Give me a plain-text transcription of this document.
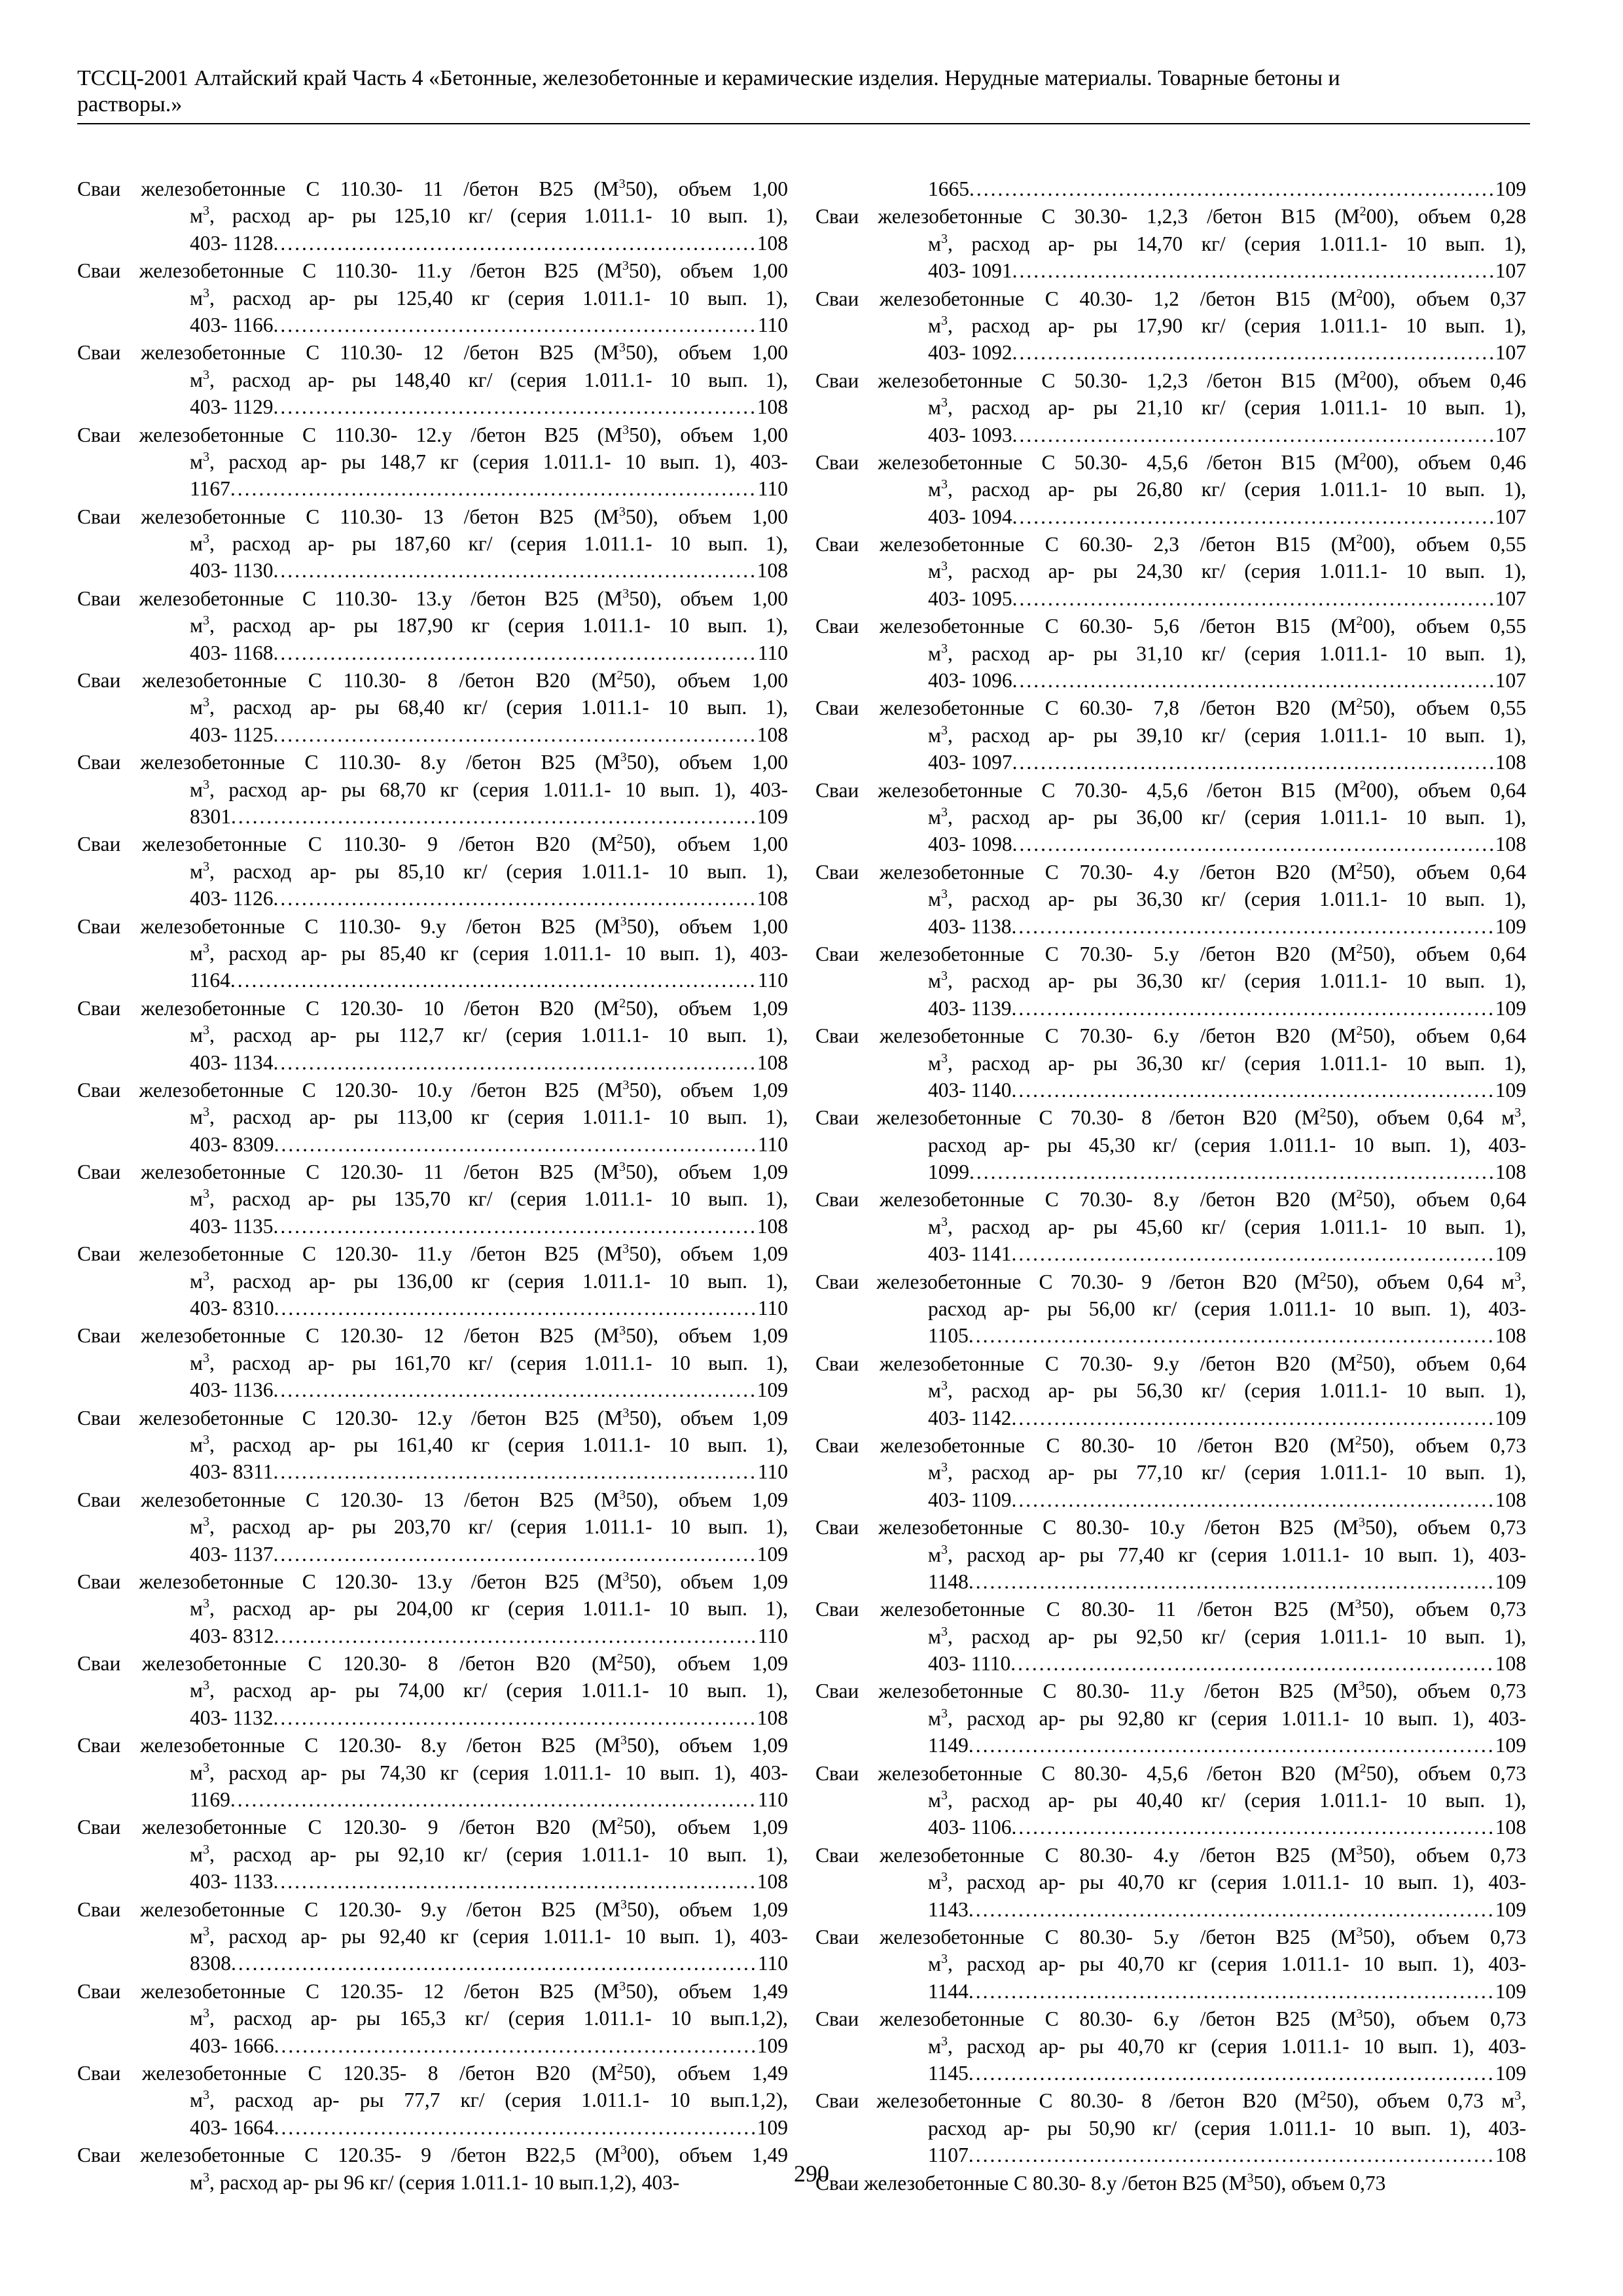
ТССЦ-2001 Алтайский край Часть 4 «Бетонные, железобетонные и керамические изделия. Нерудные материалы. Товарные бетоны и
растворы.»
Сваи железобетонные С 110.30- 11 /бетон В25 $(М^350)$, объем 1,00
$м^3$, расход ар- ры 125,10 кг/ (серия 1.011.1- 10 вып. 1),
403- 1128 .....	108
Сваи железобетонные С 110.30- 11.у /бетон В25 $(М^350)$, объем 1,00
$м^3$, расход ар- ры 125,40 кг (серия 1.011.1- 10 вып. 1),
403- 1166 .....	110
Сваи железобетонные С 110.30- 12 /бетон В25 $(М^350)$, объем 1,00
$м^3$, расход ар- ры 148,40 кг/ (серия 1.011.1- 10 вып. 1),
403- 1129 .....	108
Сваи железобетонные С 110.30- 12.у /бетон В25 $(М^350)$, объем 1,00
$м^3$, расход ар- ры 148,7 кг (серия 1.011.1- 10 вып. 1), 403-
1167 .....	110
Сваи железобетонные С 110.30- 13 /бетон В25 $(М^350)$, объем 1,00
$м^3$, расход ар- ры 187,60 кг/ (серия 1.011.1- 10 вып. 1),
403- 1130 .....	108
Сваи железобетонные С 110.30- 13.у /бетон В25 $(М^350)$, объем 1,00
$м^3$, расход ар- ры 187,90 кг (серия 1.011.1- 10 вып. 1),
403- 1168 .....	110
Сваи железобетонные С 110.30- 8 /бетон В20 $(М^250)$, объем 1,00
$м^3$, расход ар- ры 68,40 кг/ (серия 1.011.1- 10 вып. 1),
403- 1125 .....	108
Сваи железобетонные С 110.30- 8.у /бетон В25 $(М^350)$, объем 1,00
$м^3$, расход ар- ры 68,70 кг (серия 1.011.1- 10 вып. 1), 403-
8301 .....	109
Сваи железобетонные С 110.30- 9 /бетон В20 $(М^250)$, объем 1,00
$м^3$, расход ар- ры 85,10 кг/ (серия 1.011.1- 10 вып. 1),
403- 1126 .....	108
Сваи железобетонные С 110.30- 9.у /бетон В25 $(М^350)$, объем 1,00
$м^3$, расход ар- ры 85,40 кг (серия 1.011.1- 10 вып. 1), 403-
1164 .....	110
Сваи железобетонные С 120.30- 10 /бетон В20 $(М^250)$, объем 1,09
$м^3$, расход ар- ры 112,7 кг/ (серия 1.011.1- 10 вып. 1),
403- 1134 .....	108
Сваи железобетонные С 120.30- 10.у /бетон В25 $(М^350)$, объем 1,09
$м^3$, расход ар- ры 113,00 кг (серия 1.011.1- 10 вып. 1),
403- 8309 .....	110
Сваи железобетонные С 120.30- 11 /бетон В25 $(М^350)$, объем 1,09
$м^3$, расход ар- ры 135,70 кг/ (серия 1.011.1- 10 вып. 1),
403- 1135 .....	108
Сваи железобетонные С 120.30- 11.у /бетон В25 $(М^350)$, объем 1,09
$м^3$, расход ар- ры 136,00 кг (серия 1.011.1- 10 вып. 1),
403- 8310 .....	110
Сваи железобетонные С 120.30- 12 /бетон В25 $(М^350)$, объем 1,09
$м^3$, расход ар- ры 161,70 кг/ (серия 1.011.1- 10 вып. 1),
403- 1136 .....	109
Сваи железобетонные С 120.30- 12.у /бетон В25 $(М^350)$, объем 1,09
$м^3$, расход ар- ры 161,40 кг (серия 1.011.1- 10 вып. 1),
403- 8311 .....	110
Сваи железобетонные С 120.30- 13 /бетон В25 $(М^350)$, объем 1,09
$м^3$, расход ар- ры 203,70 кг/ (серия 1.011.1- 10 вып. 1),
403- 1137 .....	109
Сваи железобетонные С 120.30- 13.у /бетон В25 $(М^350)$, объем 1,09
$м^3$, расход ар- ры 204,00 кг (серия 1.011.1- 10 вып. 1),
403- 8312 .....	110
Сваи железобетонные С 120.30- 8 /бетон В20 $(М^250)$, объем 1,09
$м^3$, расход ар- ры 74,00 кг/ (серия 1.011.1- 10 вып. 1),
403- 1132 .....	108
Сваи железобетонные С 120.30- 8.у /бетон В25 $(М^350)$, объем 1,09
$м^3$, расход ар- ры 74,30 кг (серия 1.011.1- 10 вып. 1), 403-
1169 .....	110
Сваи железобетонные С 120.30- 9 /бетон В20 $(М^250)$, объем 1,09
$м^3$, расход ар- ры 92,10 кг/ (серия 1.011.1- 10 вып. 1),
403- 1133 .....	108
Сваи железобетонные С 120.30- 9.у /бетон В25 $(М^350)$, объем 1,09
$м^3$, расход ар- ры 92,40 кг (серия 1.011.1- 10 вып. 1), 403-
8308 .....	110
Сваи железобетонные С 120.35- 12 /бетон В25 $(М^350)$, объем 1,49
$м^3$, расход ар- ры 165,3 кг/ (серия 1.011.1- 10 вып.1,2),
403- 1666 .....	109
Сваи железобетонные С 120.35- 8 /бетон В20 $(М^250)$, объем 1,49
$м^3$, расход ар- ры 77,7 кг/ (серия 1.011.1- 10 вып.1,2),
403- 1664 .....	109
Сваи железобетонные С 120.35- 9 /бетон В22,5 $(М^300)$, объем 1,49
$м^3$, расход ар- ры 96 кг/ (серия 1.011.1- 10 вып.1,2), 403-
1665 .....	109
Сваи железобетонные С 30.30- 1,2,3 /бетон В15 $(М^200)$, объем 0,28
$м^3$, расход ар- ры 14,70 кг/ (серия 1.011.1- 10 вып. 1),
403- 1091 .....	107
Сваи железобетонные С 40.30- 1,2 /бетон В15 $(М^200)$, объем 0,37
$м^3$, расход ар- ры 17,90 кг/ (серия 1.011.1- 10 вып. 1),
403- 1092 .....	107
Сваи железобетонные С 50.30- 1,2,3 /бетон В15 $(М^200)$, объем 0,46
$м^3$, расход ар- ры 21,10 кг/ (серия 1.011.1- 10 вып. 1),
403- 1093 .....	107
Сваи железобетонные С 50.30- 4,5,6 /бетон В15 $(М^200)$, объем 0,46
$м^3$, расход ар- ры 26,80 кг/ (серия 1.011.1- 10 вып. 1),
403- 1094 .....	107
Сваи железобетонные С 60.30- 2,3 /бетон В15 $(М^200)$, объем 0,55
$м^3$, расход ар- ры 24,30 кг/ (серия 1.011.1- 10 вып. 1),
403- 1095 .....	107
Сваи железобетонные С 60.30- 5,6 /бетон В15 $(М^200)$, объем 0,55
$м^3$, расход ар- ры 31,10 кг/ (серия 1.011.1- 10 вып. 1),
403- 1096 .....	107
Сваи железобетонные С 60.30- 7,8 /бетон В20 $(М^250)$, объем 0,55
$м^3$, расход ар- ры 39,10 кг/ (серия 1.011.1- 10 вып. 1),
403- 1097 .....	108
Сваи железобетонные С 70.30- 4,5,6 /бетон В15 $(М^200)$, объем 0,64
$м^3$, расход ар- ры 36,00 кг/ (серия 1.011.1- 10 вып. 1),
403- 1098 .....	108
Сваи железобетонные С 70.30- 4.у /бетон В20 $(М^250)$, объем 0,64
$м^3$, расход ар- ры 36,30 кг/ (серия 1.011.1- 10 вып. 1),
403- 1138 .....	109
Сваи железобетонные С 70.30- 5.у /бетон В20 $(М^250)$, объем 0,64
$м^3$, расход ар- ры 36,30 кг/ (серия 1.011.1- 10 вып. 1),
403- 1139 .....	109
Сваи железобетонные С 70.30- 6.у /бетон В20 $(М^250)$, объем 0,64
$м^3$, расход ар- ры 36,30 кг/ (серия 1.011.1- 10 вып. 1),
403- 1140 .....	109
Сваи железобетонные С 70.30- 8 /бетон В20 $(М^250)$, объем 0,64 $м^3$,
расход ар- ры 45,30 кг/ (серия 1.011.1- 10 вып. 1), 403-
1099 .....	108
Сваи железобетонные С 70.30- 8.у /бетон В20 $(М^250)$, объем 0,64
$м^3$, расход ар- ры 45,60 кг/ (серия 1.011.1- 10 вып. 1),
403- 1141 .....	109
Сваи железобетонные С 70.30- 9 /бетон В20 $(М^250)$, объем 0,64 $м^3$,
расход ар- ры 56,00 кг/ (серия 1.011.1- 10 вып. 1), 403-
1105 .....	108
Сваи железобетонные С 70.30- 9.у /бетон В20 $(М^250)$, объем 0,64
$м^3$, расход ар- ры 56,30 кг/ (серия 1.011.1- 10 вып. 1),
403- 1142 .....	109
Сваи железобетонные С 80.30- 10 /бетон В20 $(М^250)$, объем 0,73
$м^3$, расход ар- ры 77,10 кг/ (серия 1.011.1- 10 вып. 1),
403- 1109 .....	108
Сваи железобетонные С 80.30- 10.у /бетон В25 $(М^350)$, объем 0,73
$м^3$, расход ар- ры 77,40 кг (серия 1.011.1- 10 вып. 1), 403-
1148 .....	109
Сваи железобетонные С 80.30- 11 /бетон В25 $(М^350)$, объем 0,73
$м^3$, расход ар- ры 92,50 кг/ (серия 1.011.1- 10 вып. 1),
403- 1110 .....	108
Сваи железобетонные С 80.30- 11.у /бетон В25 $(М^350)$, объем 0,73
$м^3$, расход ар- ры 92,80 кг (серия 1.011.1- 10 вып. 1), 403-
1149 .....	109
Сваи железобетонные С 80.30- 4,5,6 /бетон В20 $(М^250)$, объем 0,73
$м^3$, расход ар- ры 40,40 кг/ (серия 1.011.1- 10 вып. 1),
403- 1106 .....	108
Сваи железобетонные С 80.30- 4.у /бетон В25 $(М^350)$, объем 0,73
$м^3$, расход ар- ры 40,70 кг (серия 1.011.1- 10 вып. 1), 403-
1143 .....	109
Сваи железобетонные С 80.30- 5.у /бетон В25 $(М^350)$, объем 0,73
$м^3$, расход ар- ры 40,70 кг (серия 1.011.1- 10 вып. 1), 403-
1144 .....	109
Сваи железобетонные С 80.30- 6.у /бетон В25 $(М^350)$, объем 0,73
$м^3$, расход ар- ры 40,70 кг (серия 1.011.1- 10 вып. 1), 403-
1145 .....	109
Сваи железобетонные С 80.30- 8 /бетон В20 $(М^250)$, объем 0,73 $м^3$,
расход ар- ры 50,90 кг/ (серия 1.011.1- 10 вып. 1), 403-
1107 .....	108
Сваи железобетонные С 80.30- 8.у /бетон В25 $(М^350)$, объем 0,73
290
